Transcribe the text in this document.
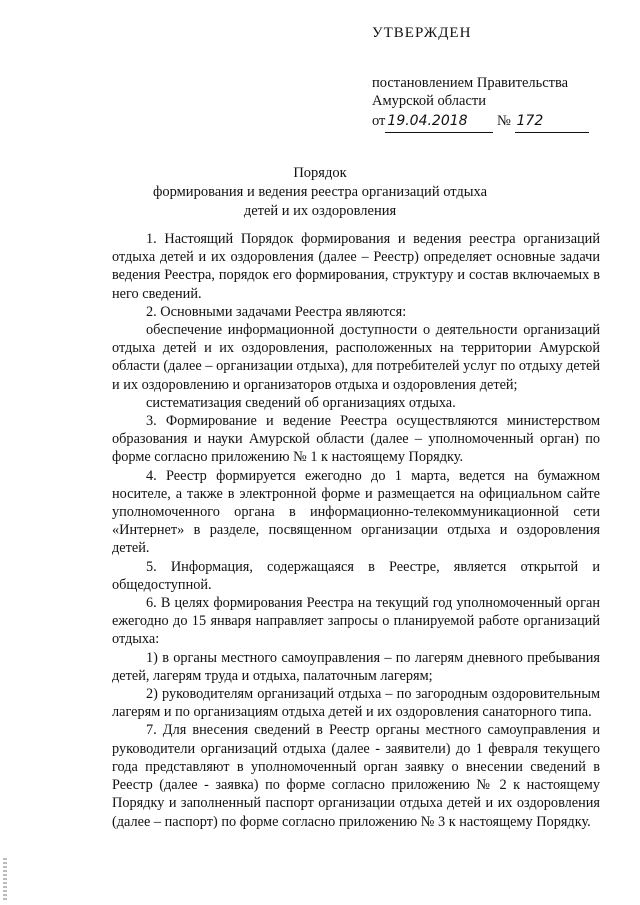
УТВЕРЖДЕН
постановлением Правительства
Амурской области
от 19.04.2018 № 172
Порядок
формирования и ведения реестра организаций отдыха
детей и их оздоровления

1. Настоящий Порядок формирования и ведения реестра организаций отдыха детей и их оздоровления (далее – Реестр) определяет основные задачи ведения Реестра, порядок его формирования, структуру и состав включаемых в него сведений.

2. Основными задачами Реестра являются:

обеспечение информационной доступности о деятельности организаций отдыха детей и их оздоровления, расположенных на территории Амурской области (далее – организации отдыха), для потребителей услуг по отдыху детей и их оздоровлению и организаторов отдыха и оздоровления детей;

систематизация сведений об организациях отдыха.

3. Формирование и ведение Реестра осуществляются министерством образования и науки Амурской области (далее – уполномоченный орган) по форме согласно приложению № 1 к настоящему Порядку.

4. Реестр формируется ежегодно до 1 марта, ведется на бумажном носителе, а также в электронной форме и размещается на официальном сайте уполномоченного органа в информационно-телекоммуникационной сети «Интернет» в разделе, посвященном организации отдыха и оздоровления детей.

5. Информация, содержащаяся в Реестре, является открытой и общедоступной.

6. В целях формирования Реестра на текущий год уполномоченный орган ежегодно до 15 января направляет запросы о планируемой работе организаций отдыха:

1) в органы местного самоуправления – по лагерям дневного пребывания детей, лагерям труда и отдыха, палаточным лагерям;

2) руководителям организаций отдыха – по загородным оздоровительным лагерям и по организациям отдыха детей и их оздоровления санаторного типа.

7. Для внесения сведений в Реестр органы местного самоуправления и руководители организаций отдыха (далее - заявители) до 1 февраля текущего года представляют в уполномоченный орган заявку о внесении сведений в Реестр (далее - заявка) по форме согласно приложению № 2 к настоящему Порядку и заполненный паспорт организации отдыха детей и их оздоровления (далее – паспорт) по форме согласно приложению № 3 к настоящему Порядку.
